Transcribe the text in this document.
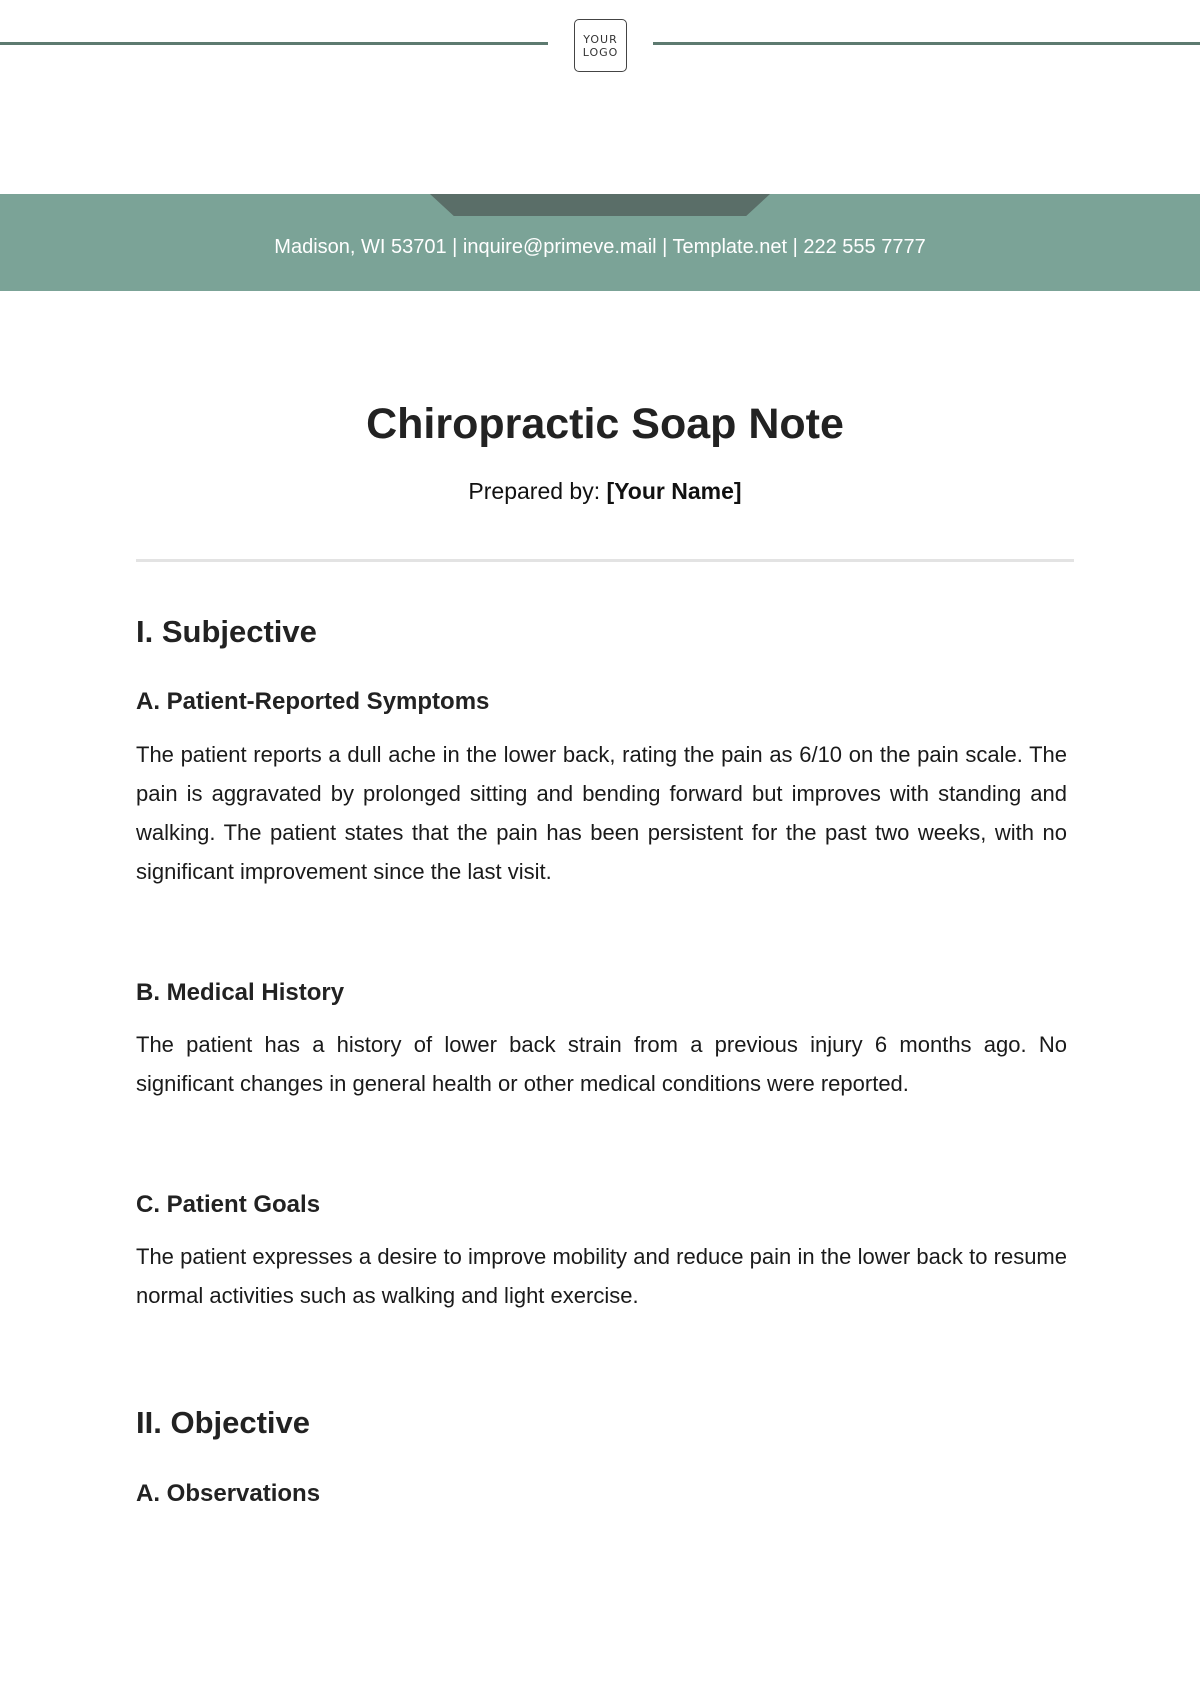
YOUR
LOGO
Madison, WI 53701 | inquire@primeve.mail | Template.net | 222 555 7777
Chiropractic Soap Note
Prepared by: [Your Name]
I. Subjective
A. Patient-Reported Symptoms

The patient reports a dull ache in the lower back, rating the pain as 6/10 on the pain scale. The pain is aggravated by prolonged sitting and bending forward but improves with standing and walking. The patient states that the pain has been persistent for the past two weeks, with no significant improvement since the last visit.

B. Medical History

The patient has a history of lower back strain from a previous injury 6 months ago. No significant changes in general health or other medical conditions were reported.

C. Patient Goals

The patient expresses a desire to improve mobility and reduce pain in the lower back to resume normal activities such as walking and light exercise.

II. Objective
A. Observations
